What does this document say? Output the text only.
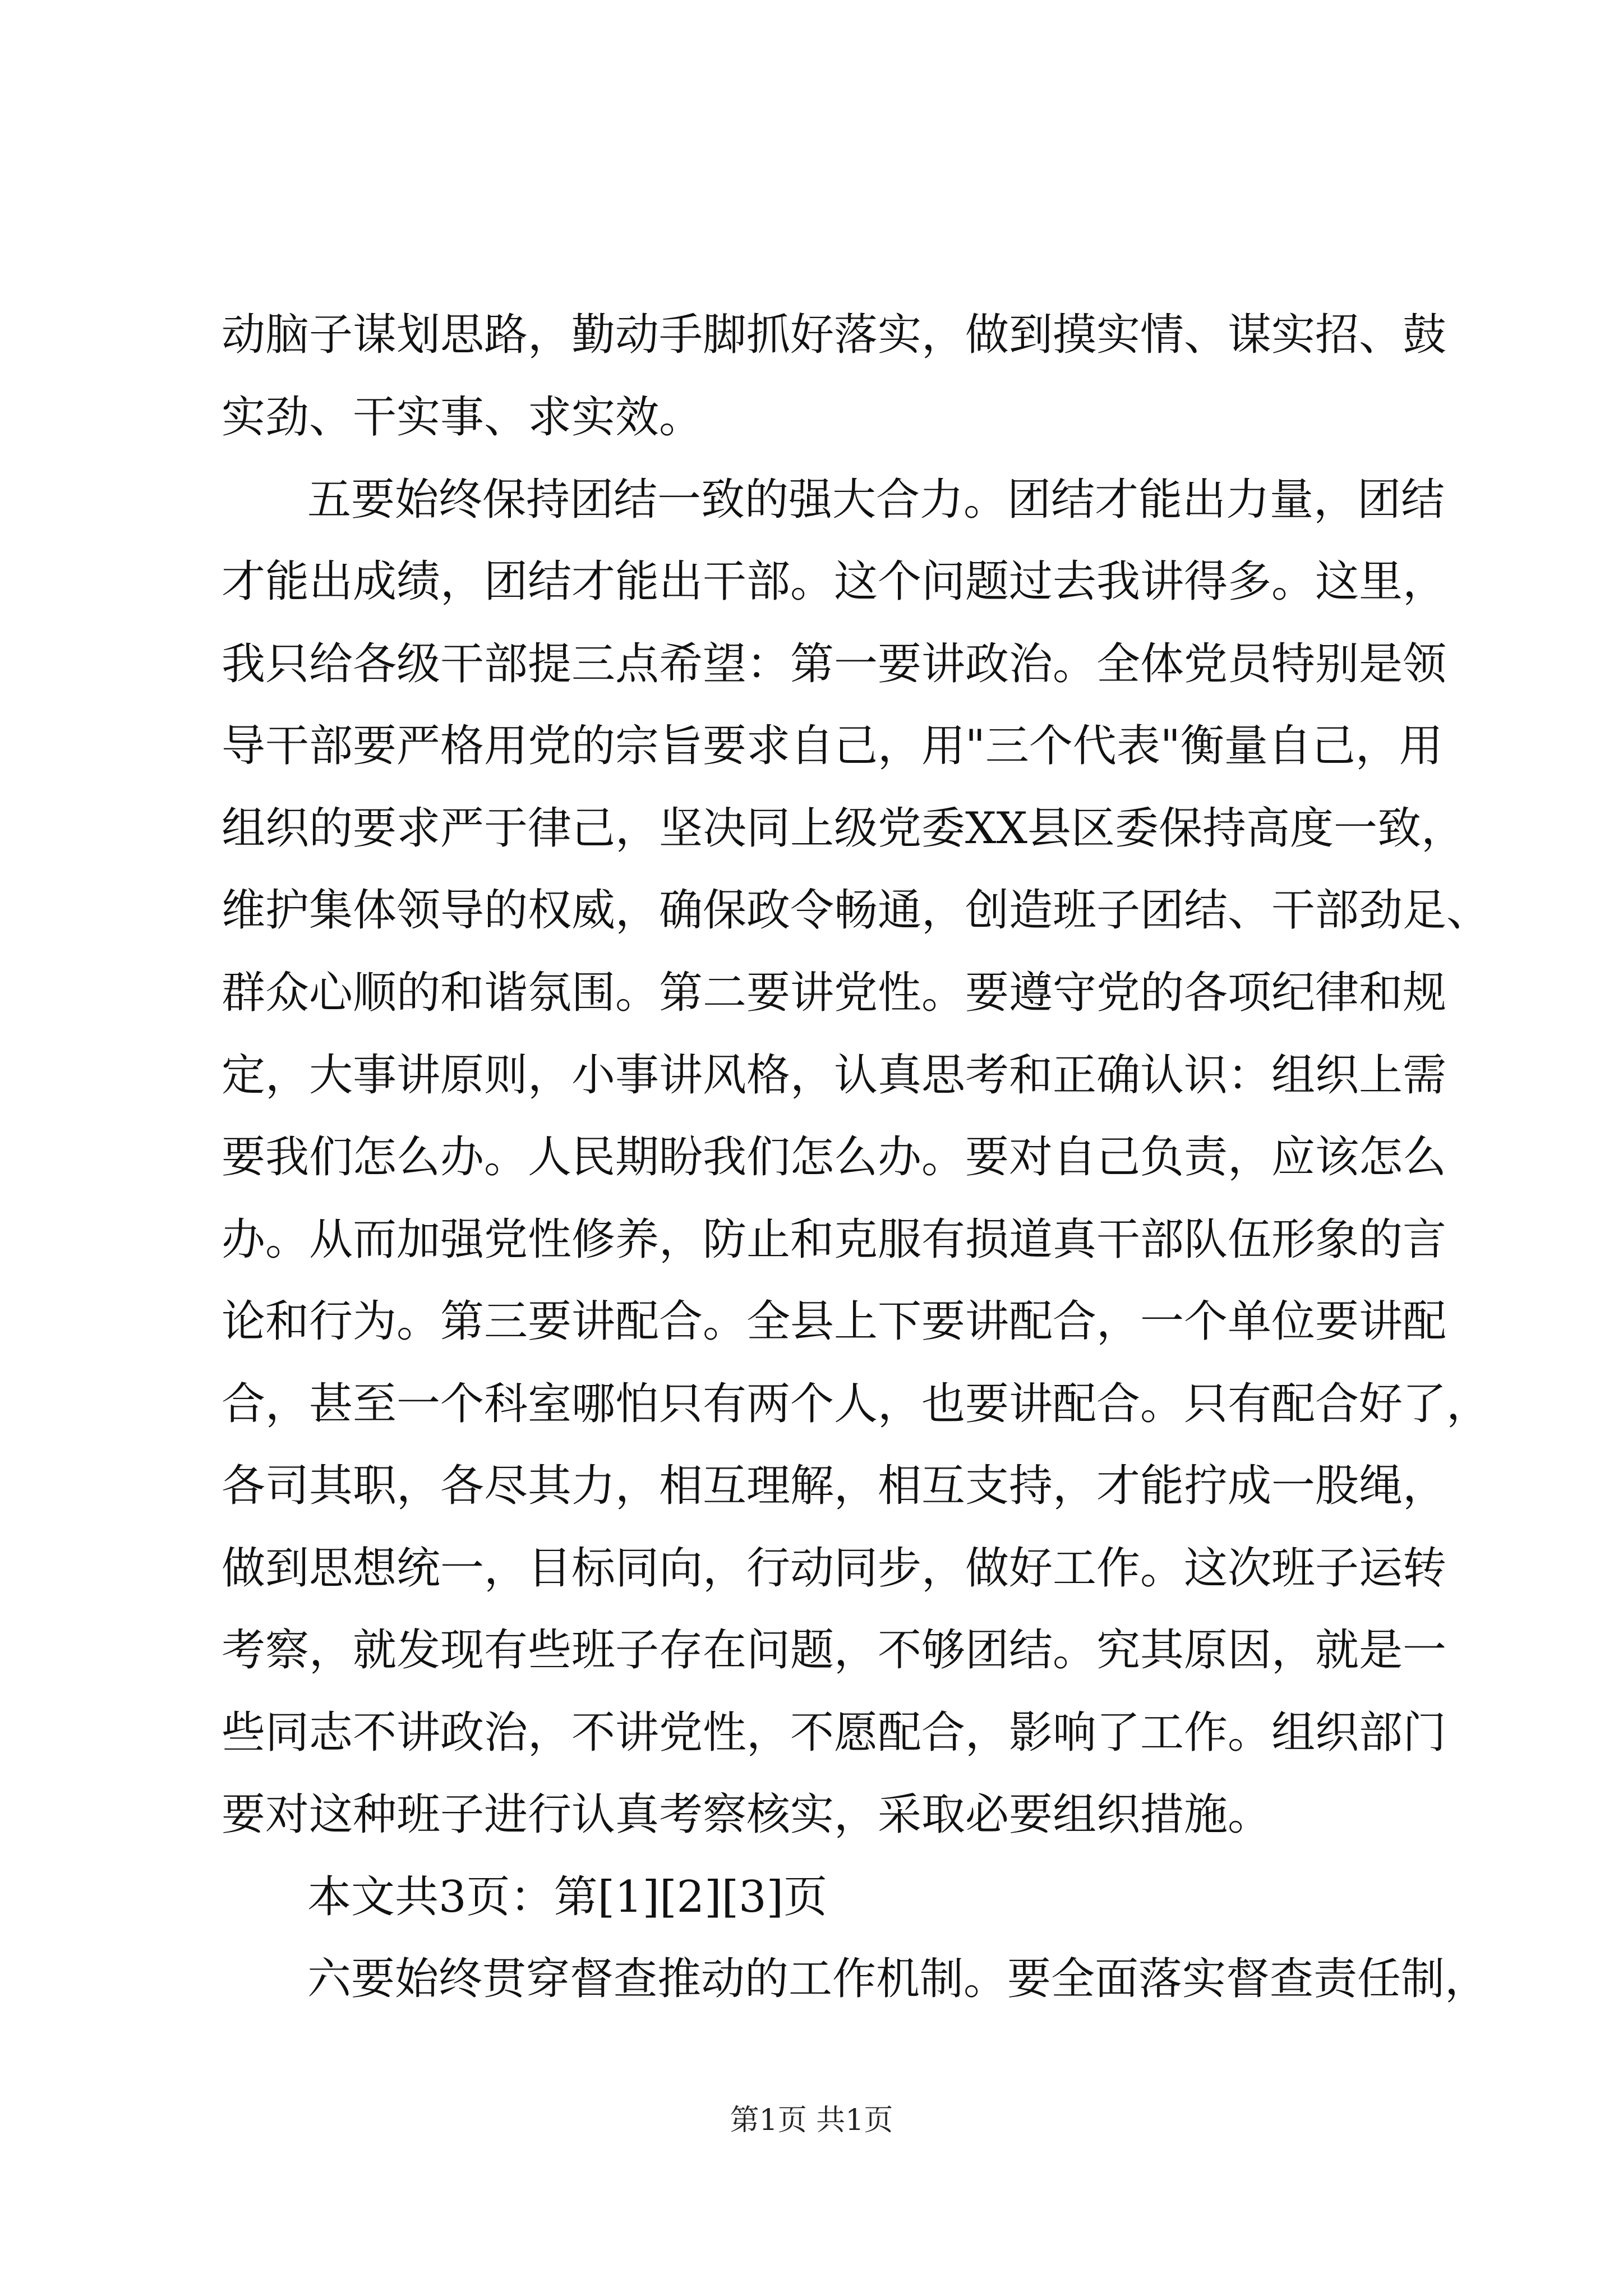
动脑子谋划思路，勤动手脚抓好落实，做到摸实情、谋实招、鼓

实劲、干实事、求实效。

五要始终保持团结一致的强大合力。团结才能出力量，团结

才能出成绩，团结才能出干部。这个问题过去我讲得多。这里，

我只给各级干部提三点希望：第一要讲政治。全体党员特别是领

导干部要严格用党的宗旨要求自己，用"三个代表"衡量自己，用

组织的要求严于律己，坚决同上级党委XX县区委保持高度一致，

维护集体领导的权威，确保政令畅通，创造班子团结、干部劲足、

群众心顺的和谐氛围。第二要讲党性。要遵守党的各项纪律和规

定，大事讲原则，小事讲风格，认真思考和正确认识：组织上需

要我们怎么办。人民期盼我们怎么办。要对自己负责，应该怎么

办。从而加强党性修养，防止和克服有损道真干部队伍形象的言

论和行为。第三要讲配合。全县上下要讲配合，一个单位要讲配

合，甚至一个科室哪怕只有两个人，也要讲配合。只有配合好了，

各司其职，各尽其力，相互理解，相互支持，才能拧成一股绳，

做到思想统一，目标同向，行动同步，做好工作。这次班子运转

考察，就发现有些班子存在问题，不够团结。究其原因，就是一

些同志不讲政治，不讲党性，不愿配合，影响了工作。组织部门

要对这种班子进行认真考察核实，采取必要组织措施。

本文共3页：第[1][2][3]页

六要始终贯穿督查推动的工作机制。要全面落实督查责任制，

第1页 共1页
